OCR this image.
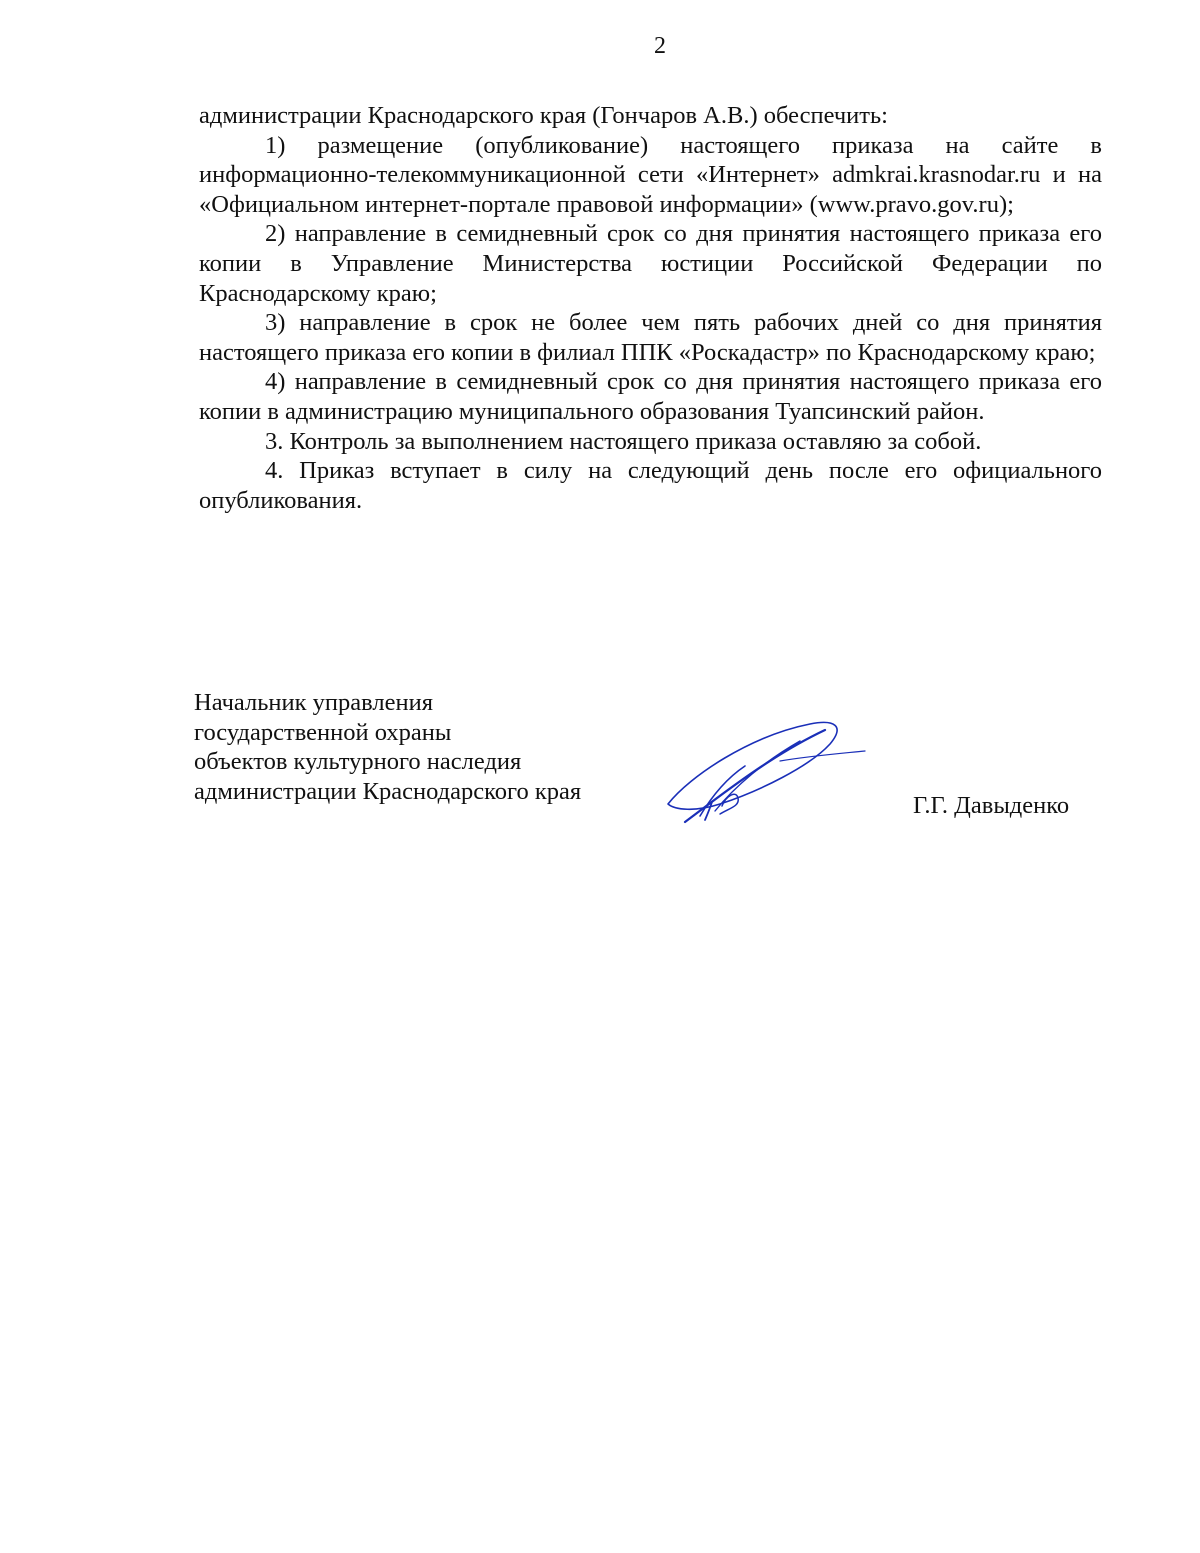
2

администрации Краснодарского края (Гончаров А.В.) обеспечить:

1) размещение (опубликование) настоящего приказа на сайте в информационно-телекоммуникационной сети «Интернет» admkrai.krasnodar.ru и на «Официальном интернет-портале правовой информации» (www.pravo.gov.ru);

2) направление в семидневный срок со дня принятия настоящего приказа его копии в Управление Министерства юстиции Российской Федерации по Краснодарскому краю;

3) направление в срок не более чем пять рабочих дней со дня принятия настоящего приказа его копии в филиал ППК «Роскадастр» по Краснодарскому краю;

4) направление в семидневный срок со дня принятия настоящего приказа его копии в администрацию муниципального образования Туапсинский район.

3. Контроль за выполнением настоящего приказа оставляю за собой.

4. Приказ вступает в силу на следующий день после его официального опубликования.

Начальник управления
государственной охраны
объектов культурного наследия
администрации Краснодарского края
Г.Г. Давыденко
